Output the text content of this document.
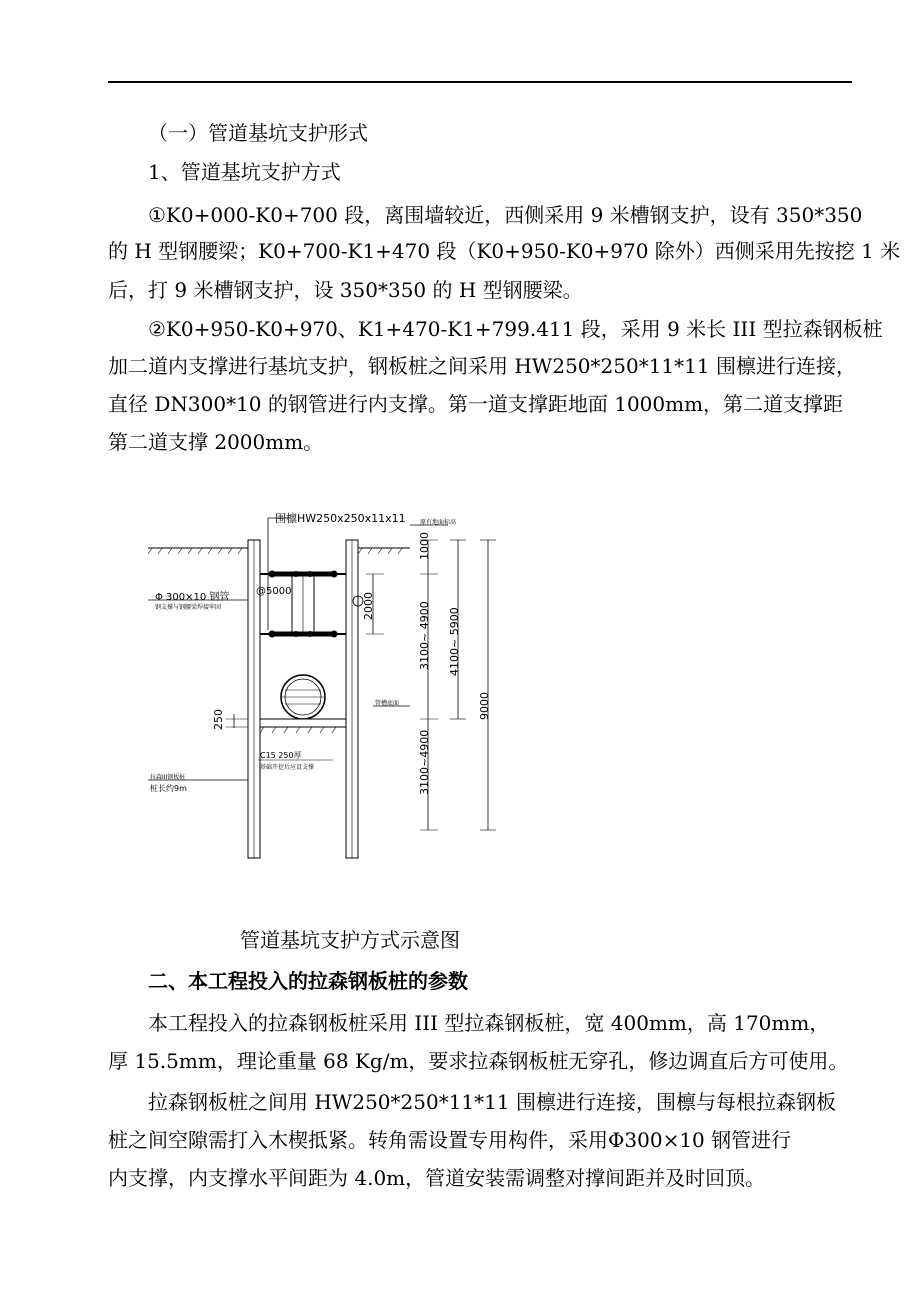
（一）管道基坑支护形式
1、管道基坑支护方式
①K0+000-K0+700 段，离围墙较近，西侧采用 9 米槽钢支护，设有 350*350
的 H 型钢腰梁；K0+700-K1+470 段（K0+950-K0+970 除外）西侧采用先按挖 1 米
后，打 9 米槽钢支护，设 350*350 的 H 型钢腰梁。
②K0+950-K0+970、K1+470-K1+799.411 段，采用 9 米长 III 型拉森钢板桩
加二道内支撑进行基坑支护，钢板桩之间采用 HW250*250*11*11 围檩进行连接，
直径 DN300*10 的钢管进行内支撑。第一道支撑距地面 1000mm，第二道支撑距
第二道支撑 2000mm。
围檩HW250x250x11x11
Φ 300×10 钢管
@5000
钢支撑与钢腰梁焊接牢固
原有地面标高
管槽底面
C15 250厚
基础开挖后应设支撑
拉森III钢板桩
桩长约9m
1000
2000	3100~ 4900 4100~ 5900
9000
3100~4900
250
管道基坑支护方式示意图
二、本工程投入的拉森钢板桩的参数
本工程投入的拉森钢板桩采用 III 型拉森钢板桩，宽 400mm，高 170mm，
厚 15.5mm，理论重量 68 Kg/m，要求拉森钢板桩无穿孔，修边调直后方可使用。
拉森钢板桩之间用 HW250*250*11*11 围檩进行连接，围檩与每根拉森钢板
桩之间空隙需打入木楔抵紧。转角需设置专用构件，采用Φ300×10 钢管进行
内支撑，内支撑水平间距为 4.0m，管道安装需调整对撑间距并及时回顶。
